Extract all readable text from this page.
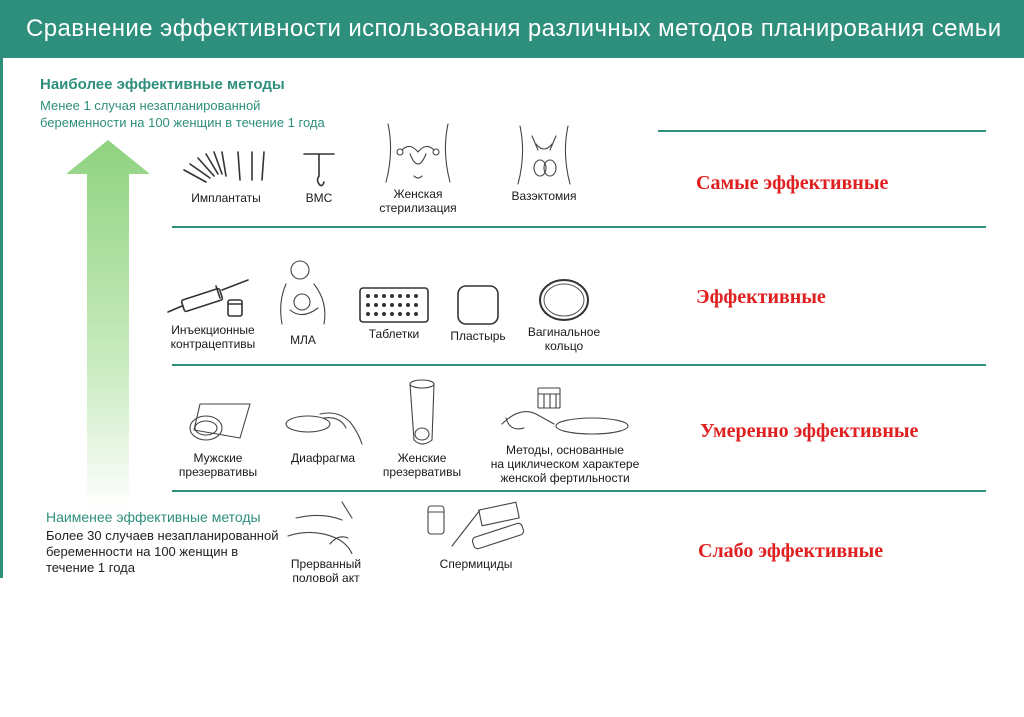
Сравнение эффективности использования различных методов планирования семьи
Наиболее эффективные методы
Менее 1 случая незапланированной
беременности на 100 женщин в течение 1 года
Наименее эффективные методы
Более 30 случаев незапланированной
беременности на 100 женщин в
течение 1 года
Самые эффективные
Эффективные
Умеренно эффективные
Слабо эффективные
Имплантаты	ВМС	Женская
стерилизация
Вазэктомия
Инъекционные
контрацептивы	МЛА	Таблетки	Пластырь	Вагинальное
кольцо
Мужские
презервативы
Диафрагма	Женские
презервативы
Методы, основанные
на циклическом характере
женской фертильности
Прерванный
половой акт
Спермициды
